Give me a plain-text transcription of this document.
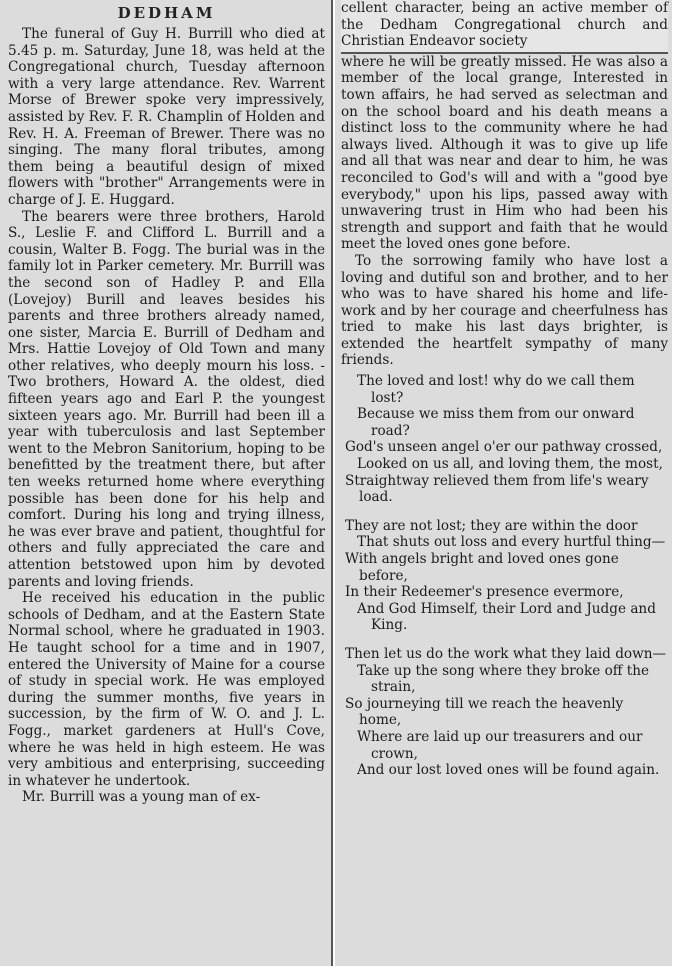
DEDHAM

The funeral of Guy H. Burrill who died at 5.45 p. m. Saturday, June 18, was held at the Congregational church, Tuesday afternoon with a very large attendance. Rev. Warrent Morse of Brewer spoke very impressively, assisted by Rev. F. R. Champlin of Holden and Rev. H. A. Freeman of Brewer. There was no singing. The many floral tributes, among them being a beautiful design of mixed flowers with "brother" Arrangements were in charge of J. E. Huggard.

The bearers were three brothers, Harold S., Leslie F. and Clifford L. Burrill and a cousin, Walter B. Fogg. The burial was in the family lot in Parker cemetery. Mr. Burrill was the second son of Hadley P. and Ella (Lovejoy) Burill and leaves besides his parents and three brothers already named, one sister, Marcia E. Burrill of Dedham and Mrs. Hattie Lovejoy of Old Town and many other relatives, who deeply mourn his loss. - Two brothers, Howard A. the oldest, died fifteen years ago and Earl P. the youngest sixteen years ago. Mr. Burrill had been ill a year with tuberculosis and last September went to the Mebron Sanitorium, hoping to be benefitted by the treatment there, but after ten weeks returned home where everything possible has been done for his help and comfort. During his long and trying illness, he was ever brave and patient, thoughtful for others and fully appreciated the care and attention betstowed upon him by devoted parents and loving friends.

He received his education in the public schools of Dedham, and at the Eastern State Normal school, where he graduated in 1903. He taught school for a time and in 1907, entered the University of Maine for a course of study in special work. He was employed during the summer months, five years in succession, by the firm of W. O. and J. L. Fogg., market gardeners at Hull's Cove, where he was held in high esteem. He was very ambitious and enterprising, succeeding in whatever he undertook.

Mr. Burrill was a young man of ex-

cellent character, being an active member of the Dedham Congregational church and Christian Endeavor society

where he will be greatly missed. He was also a member of the local grange, Interested in town affairs, he had served as selectman and on the school board and his death means a distinct loss to the community where he had always lived. Although it was to give up life and all that was near and dear to him, he was reconciled to God's will and with a "good bye everybody," upon his lips, passed away with unwavering trust in Him who had been his strength and support and faith that he would meet the loved ones gone before.

To the sorrowing family who have lost a loving and dutiful son and brother, and to her who was to have shared his home and life-work and by her courage and cheerfulness has tried to make his last days brighter, is extended the heartfelt sympathy of many friends.

The loved and lost! why do we call them lost?
Because we miss them from our onward road?
God's unseen angel o'er our pathway crossed,
Looked on us all, and loving them, the most,
Straightway relieved them from life's weary load.
They are not lost; they are within the door
That shuts out loss and every hurtful thing—
With angels bright and loved ones gone before,
In their Redeemer's presence evermore,
And God Himself, their Lord and Judge and King.
Then let us do the work what they laid down—
Take up the song where they broke off the strain,
So journeying till we reach the heavenly home,
Where are laid up our treasurers and our crown,
And our lost loved ones will be found again.
